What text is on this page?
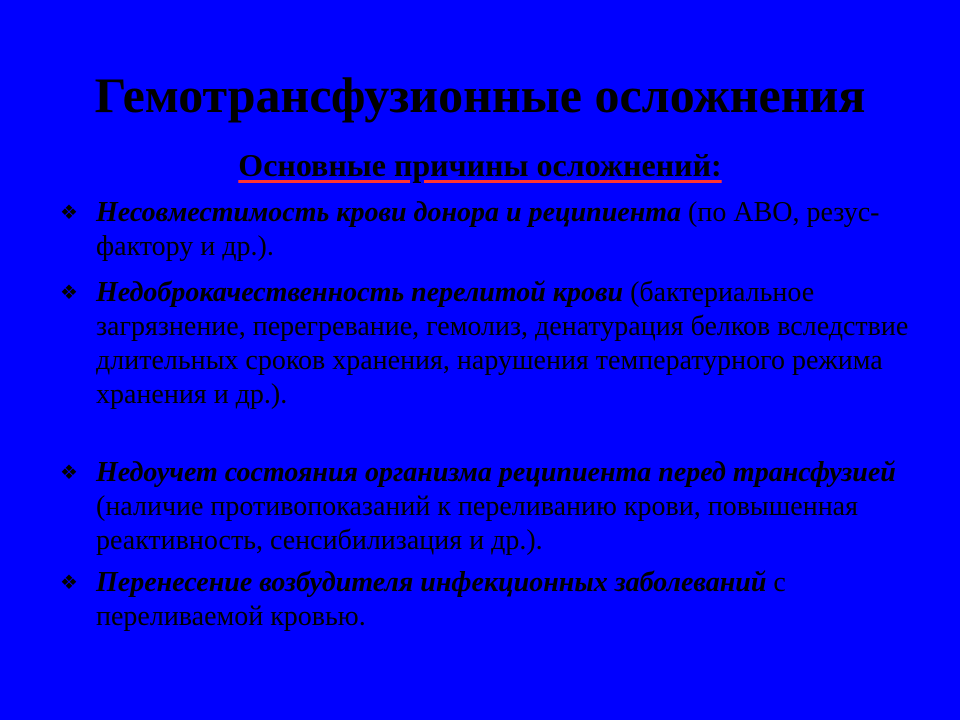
Гемотрансфузионные осложнения
Основные причины осложнений:
❖ Несовместимость крови донора и реципиента (по АВО, резус-фактору и др.).
❖ Недоброкачественность перелитой крови (бактериальное загрязнение, перегревание, гемолиз, денатурация белков вследствие длительных сроков хранения, нарушения температурного режима хранения и др.).
❖ Недоучет состояния организма реципиента перед трансфузией (наличие противопоказаний к переливанию крови, повышенная реактивность, сенсибилизация и др.).
❖ Перенесение возбудителя инфекционных заболеваний с переливаемой кровью.
